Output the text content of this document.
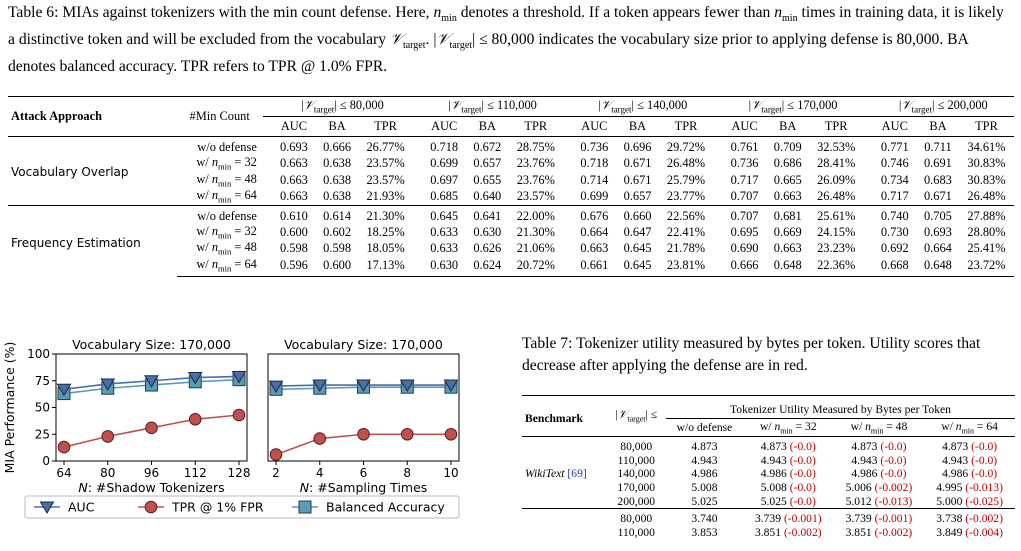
Table 6: MIAs against tokenizers with the min count defense. Here, $n_{min}$ denotes a threshold. If a token appears fewer than $n_{min}$ times in training data, it is likely a distinctive token and will be excluded from the vocabulary 𝒱$_{target}$. |𝒱$_{target}$| ≤ 80,000 indicates the vocabulary size prior to applying defense is 80,000. BA denotes balanced accuracy. TPR refers to TPR @ 1.0% FPR.
Attack Approach	#Min Count	|𝒱$_{target}$| ≤ 80,000			|𝒱$_{target}$| ≤ 110,000			|𝒱$_{target}$| ≤ 140,000			|𝒱$_{target}$| ≤ 170,000			|𝒱$_{target}$| ≤ 200,000		
		AUC	BA	TPR	AUC	BA	TPR	AUC	BA	TPR	AUC	BA	TPR	AUC	BA	TPR
Vocabulary Overlap	w/o defense	0.693	0.666	26.77%	0.718	0.672	28.75%	0.736	0.696	29.72%	0.761	0.709	32.53%	0.771	0.711	34.61%
	w/ $n_{min} = 32$	0.663	0.638	23.57%	0.699	0.657	23.76%	0.718	0.671	26.48%	0.736	0.686	28.41%	0.746	0.691	30.83%
	w/ $n_{min} = 48$	0.663	0.638	23.57%	0.697	0.655	23.76%	0.714	0.671	25.79%	0.717	0.665	26.09%	0.734	0.683	30.83%
	w/ $n_{min} = 64$	0.663	0.638	21.93%	0.685	0.640	23.57%	0.699	0.657	23.77%	0.707	0.663	26.48%	0.717	0.671	26.48%
Frequency Estimation	w/o defense	0.610	0.614	21.30%	0.645	0.641	22.00%	0.676	0.660	22.56%	0.707	0.681	25.61%	0.740	0.705	27.88%
	w/ $n_{min} = 32$	0.600	0.602	18.25%	0.633	0.630	21.30%	0.664	0.647	22.41%	0.695	0.669	24.15%	0.730	0.693	28.80%
	w/ $n_{min} = 48$	0.598	0.598	18.05%	0.633	0.626	21.06%	0.663	0.645	21.78%	0.690	0.663	23.23%	0.692	0.664	25.41%
	w/ $n_{min} = 64$	0.596	0.600	17.13%	0.630	0.624	20.72%	0.661	0.645	23.81%	0.666	0.648	22.36%	0.668	0.648	23.72%
MIA Performance (%)	Vocabulary Size: 170,000
0
25
50
75
100
64 80 96 112 128
N: #Shadow Tokenizers
Vocabulary Size: 170,000
2	4	6	8	10
N: #Sampling Times
AUC	TPR @ 1% FPR	Balanced Accuracy
Table 7: Tokenizer utility measured by bytes per token. Utility scores that decrease after applying the defense are in red.
Benchmark	|𝒱$_{target}$| ≤	Tokenizer Utility Measured by Bytes per Token			
		w/o defense	w/ $n_{min} = 32$	w/ $n_{min} = 48$	w/ $n_{min} = 64$
	80,000	4.873	4.873 (-0.0)	4.873 (-0.0)	4.873 (-0.0)
	110,000	4.943	4.943 (-0.0)	4.943 (-0.0)	4.943 (-0.0)
WikiText [69]	140,000	4.986	4.986 (-0.0)	4.986 (-0.0)	4.986 (-0.0)
	170,000	5.008	5.008 (-0.0)	5.006 (-0.002)	4.995 (-0.013)
	200,000	5.025	5.025 (-0.0)	5.012 (-0.013)	5.000 (-0.025)
	80,000	3.740	3.739 (-0.001)	3.739 (-0.001)	3.738 (-0.002)
	110,000	3.853	3.851 (-0.002)	3.851 (-0.002)	3.849 (-0.004)
